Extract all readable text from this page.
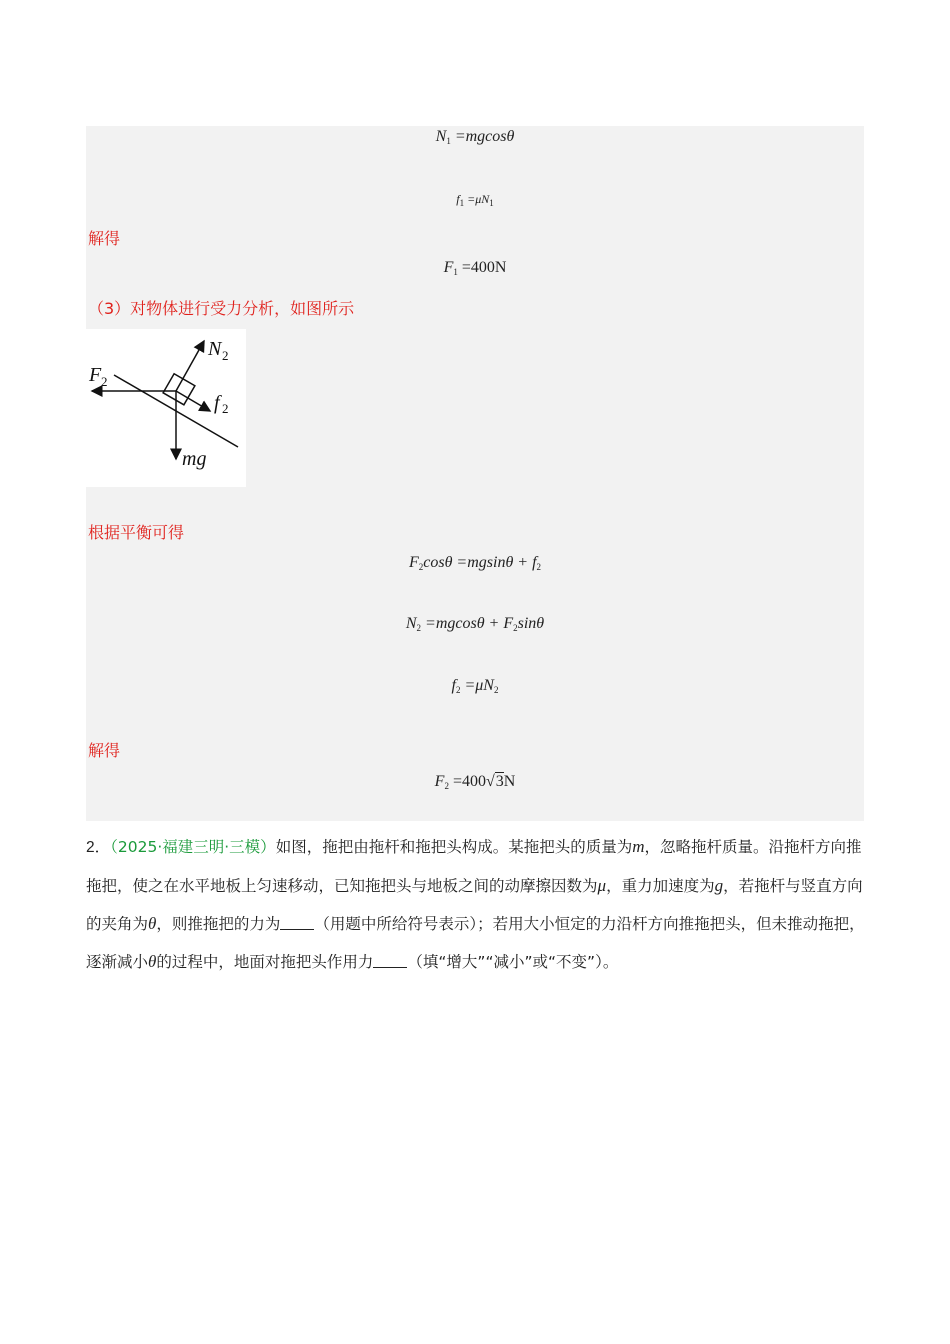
$N_1 =mgcos\theta$
$f_1 =\mu N_1$
解得
$F_1 =400N$
（3）对物体进行受力分析，如图所示
N 2
F 2
f 2
mg
根据平衡可得
$F_2\cos\theta =mgsin\theta + f_2$
$N_2 =mgcos\theta + F_2\sin\theta$
$f_2 =\mu N_2$
解得
$F_2 =400√3N$
2．（2025·福建三明·三模）如图，拖把由拖杆和拖把头构成。某拖把头的质量为m，忽略拖杆质量。沿拖杆方向推拖把，使之在水平地板上匀速移动，已知拖把头与地板之间的动摩擦因数为μ，重力加速度为g，若拖杆与竖直方向的夹角为θ，则推拖把的力为 （用题中所给符号表示）；若用大小恒定的力沿杆方向推拖把头，但未推动拖把，逐渐减小θ的过程中，地面对拖把头作用力 （填“增大”“减小”或“不变”）。
